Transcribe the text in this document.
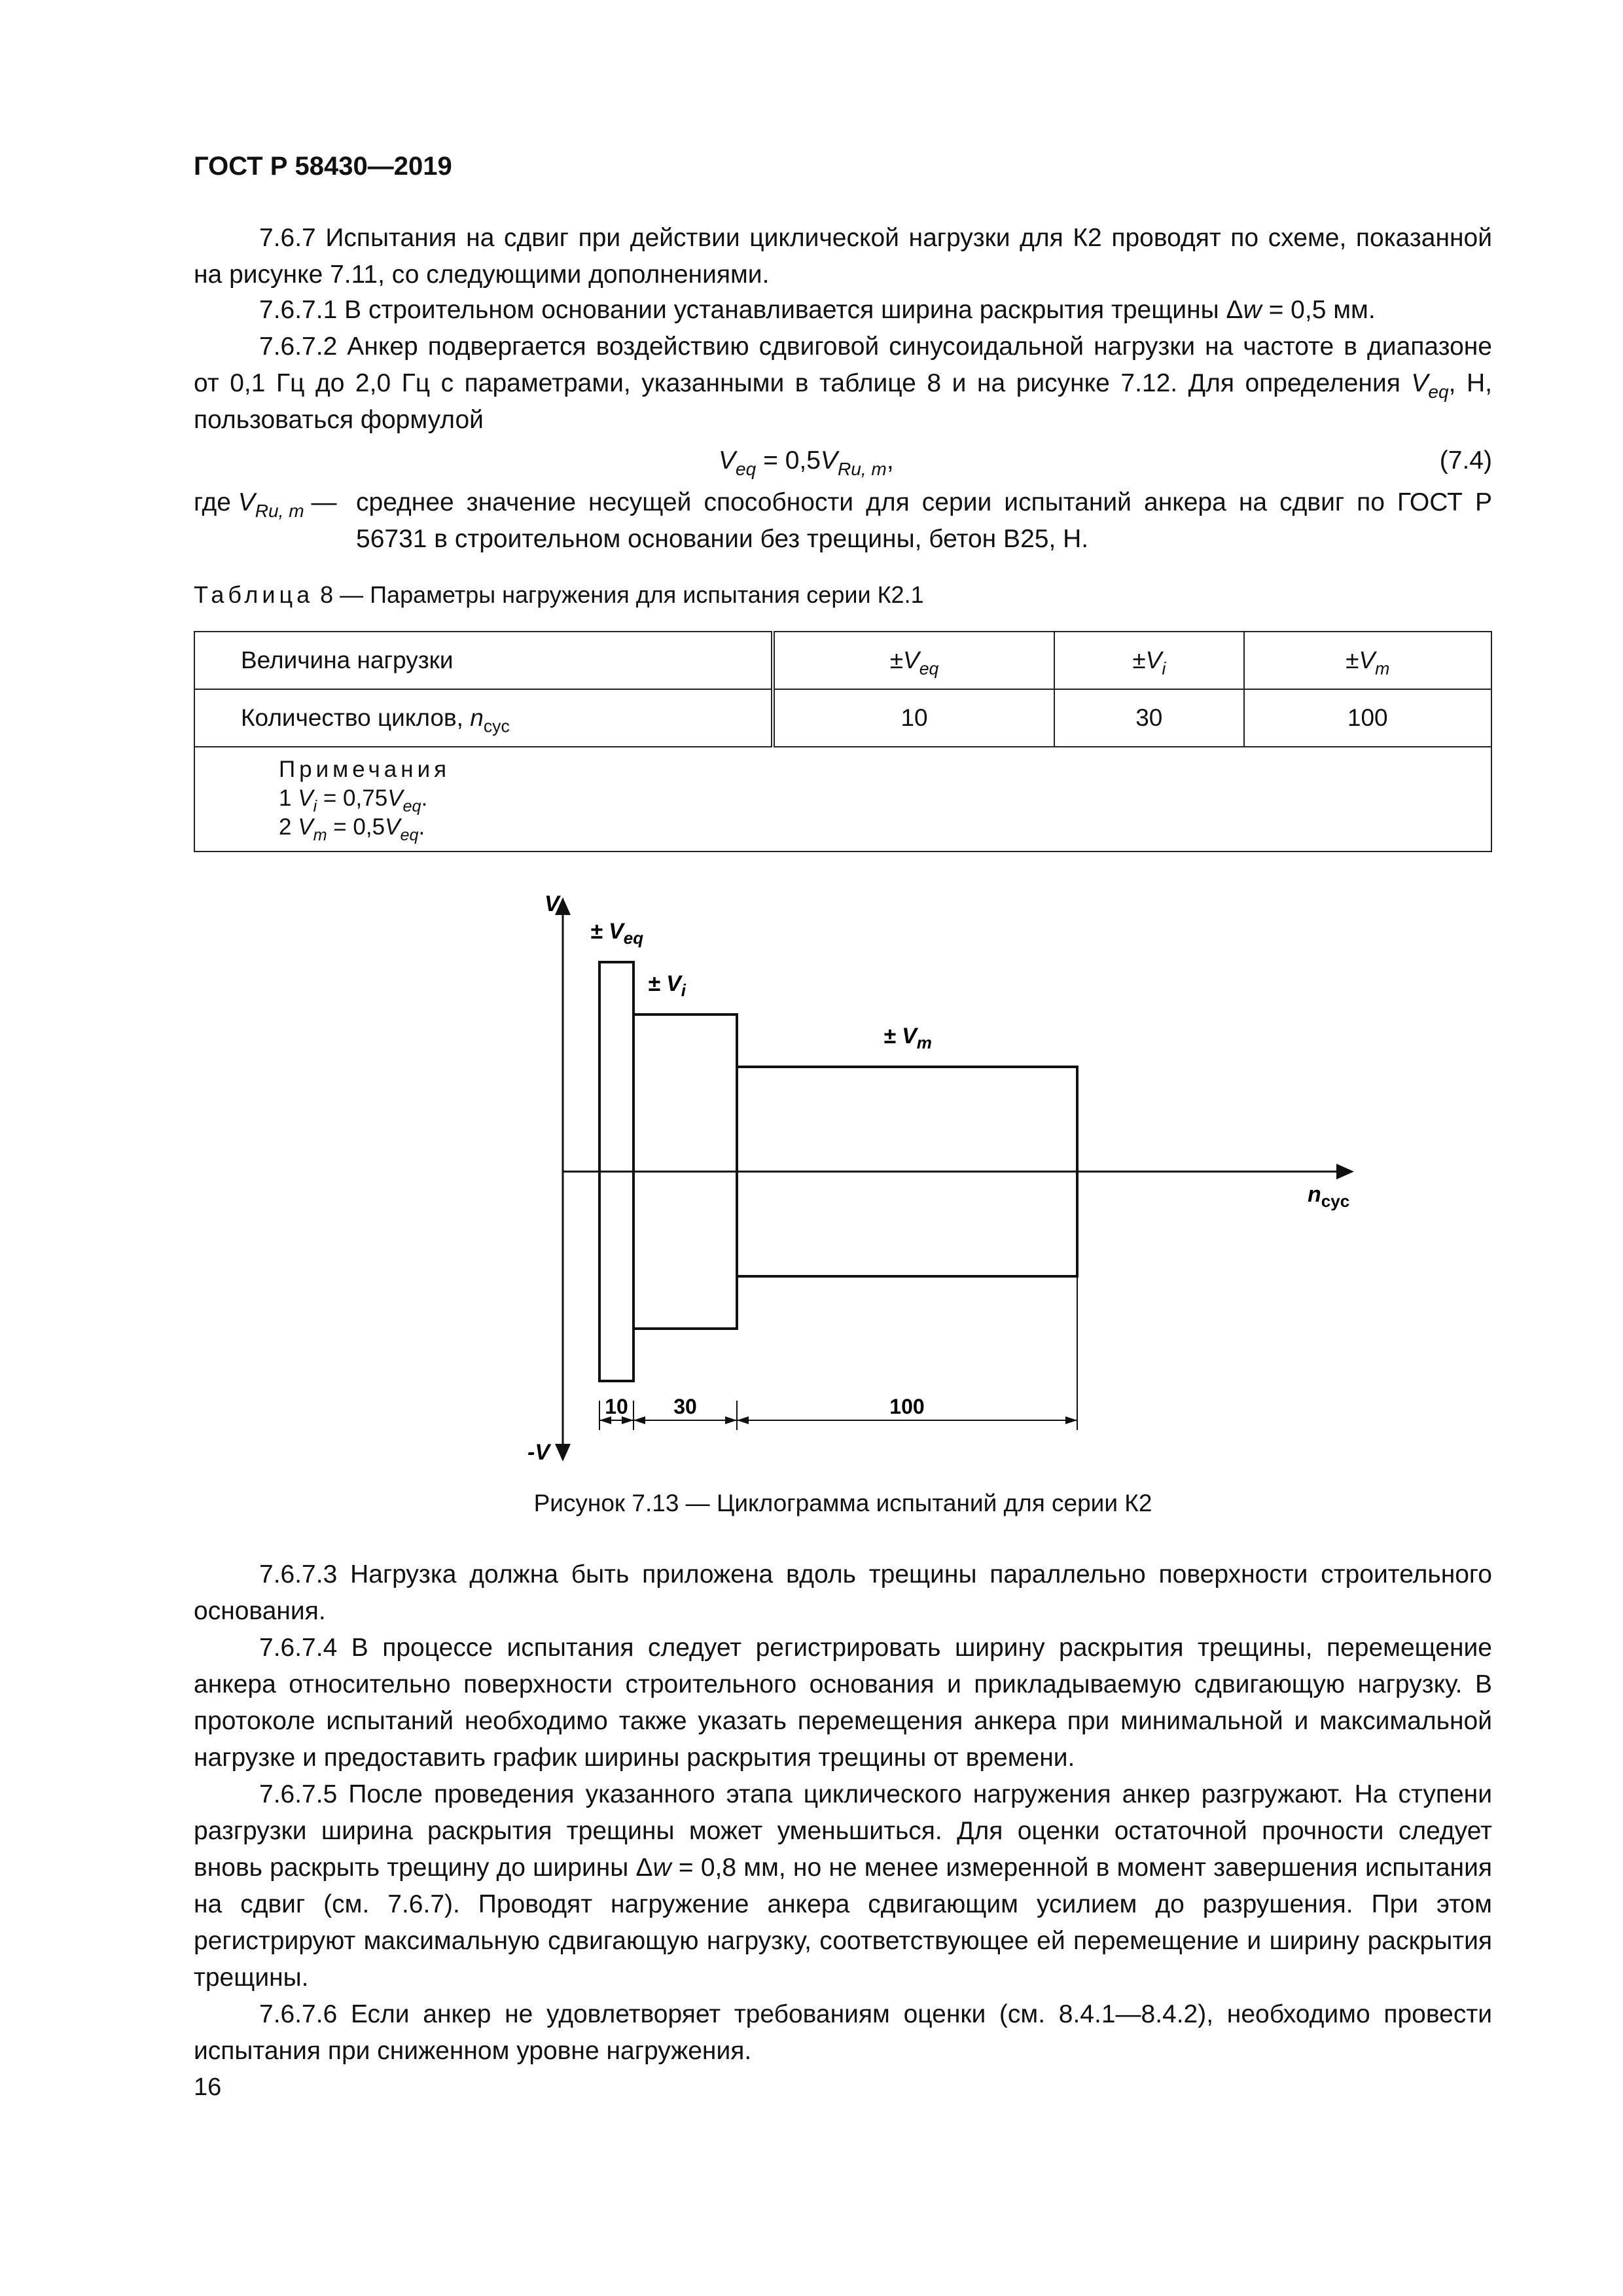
ГОСТ Р 58430—2019

7.6.7 Испытания на сдвиг при действии циклической нагрузки для К2 проводят по схеме, показанной на рисунке 7.11, со следующими дополнениями.

7.6.7.1 В строительном основании устанавливается ширина раскрытия трещины Δw = 0,5 мм.

7.6.7.2 Анкер подвергается воздействию сдвиговой синусоидальной нагрузки на частоте в диапазоне от 0,1 Гц до 2,0 Гц с параметрами, указанными в таблице 8 и на рисунке 7.12. Для определения $V_{eq}$, Н, пользоваться формулой

$V_{eq} = 0,5V_{Ru, m}$,	(7.4)
где $V_{Ru, m}$ — среднее значение несущей способности для серии испытаний анкера на сдвиг по ГОСТ Р 56731 в строительном основании без трещины, бетон В25, Н.
Таблица 8 — Параметры нагружения для испытания серии К2.1
Величина нагрузки	$\pm V_{eq}$	$\pm V_i$	$\pm V_m$
Количество циклов, $n_{cyc}$	10	30	100

Примечания
1 $V_i = 0,75V_{eq}$.
2 $V_m = 0,5V_{eq}$.			
V
-V
$n_{cyc}$
± $V_{eq}$
± $V_i$
± $V_m$
10 30	100
Рисунок 7.13 — Циклограмма испытаний для серии К2

7.6.7.3 Нагрузка должна быть приложена вдоль трещины параллельно поверхности строительного основания.

7.6.7.4 В процессе испытания следует регистрировать ширину раскрытия трещины, перемещение анкера относительно поверхности строительного основания и прикладываемую сдвигающую нагрузку. В протоколе испытаний необходимо также указать перемещения анкера при минимальной и максимальной нагрузке и предоставить график ширины раскрытия трещины от времени.

7.6.7.5 После проведения указанного этапа циклического нагружения анкер разгружают. На ступени разгрузки ширина раскрытия трещины может уменьшиться. Для оценки остаточной прочности следует вновь раскрыть трещину до ширины Δw = 0,8 мм, но не менее измеренной в момент завершения испытания на сдвиг (см. 7.6.7). Проводят нагружение анкера сдвигающим усилием до разрушения. При этом регистрируют максимальную сдвигающую нагрузку, соответствующее ей перемещение и ширину раскрытия трещины.

7.6.7.6 Если анкер не удовлетворяет требованиям оценки (см. 8.4.1—8.4.2), необходимо провести испытания при сниженном уровне нагружения.

16
